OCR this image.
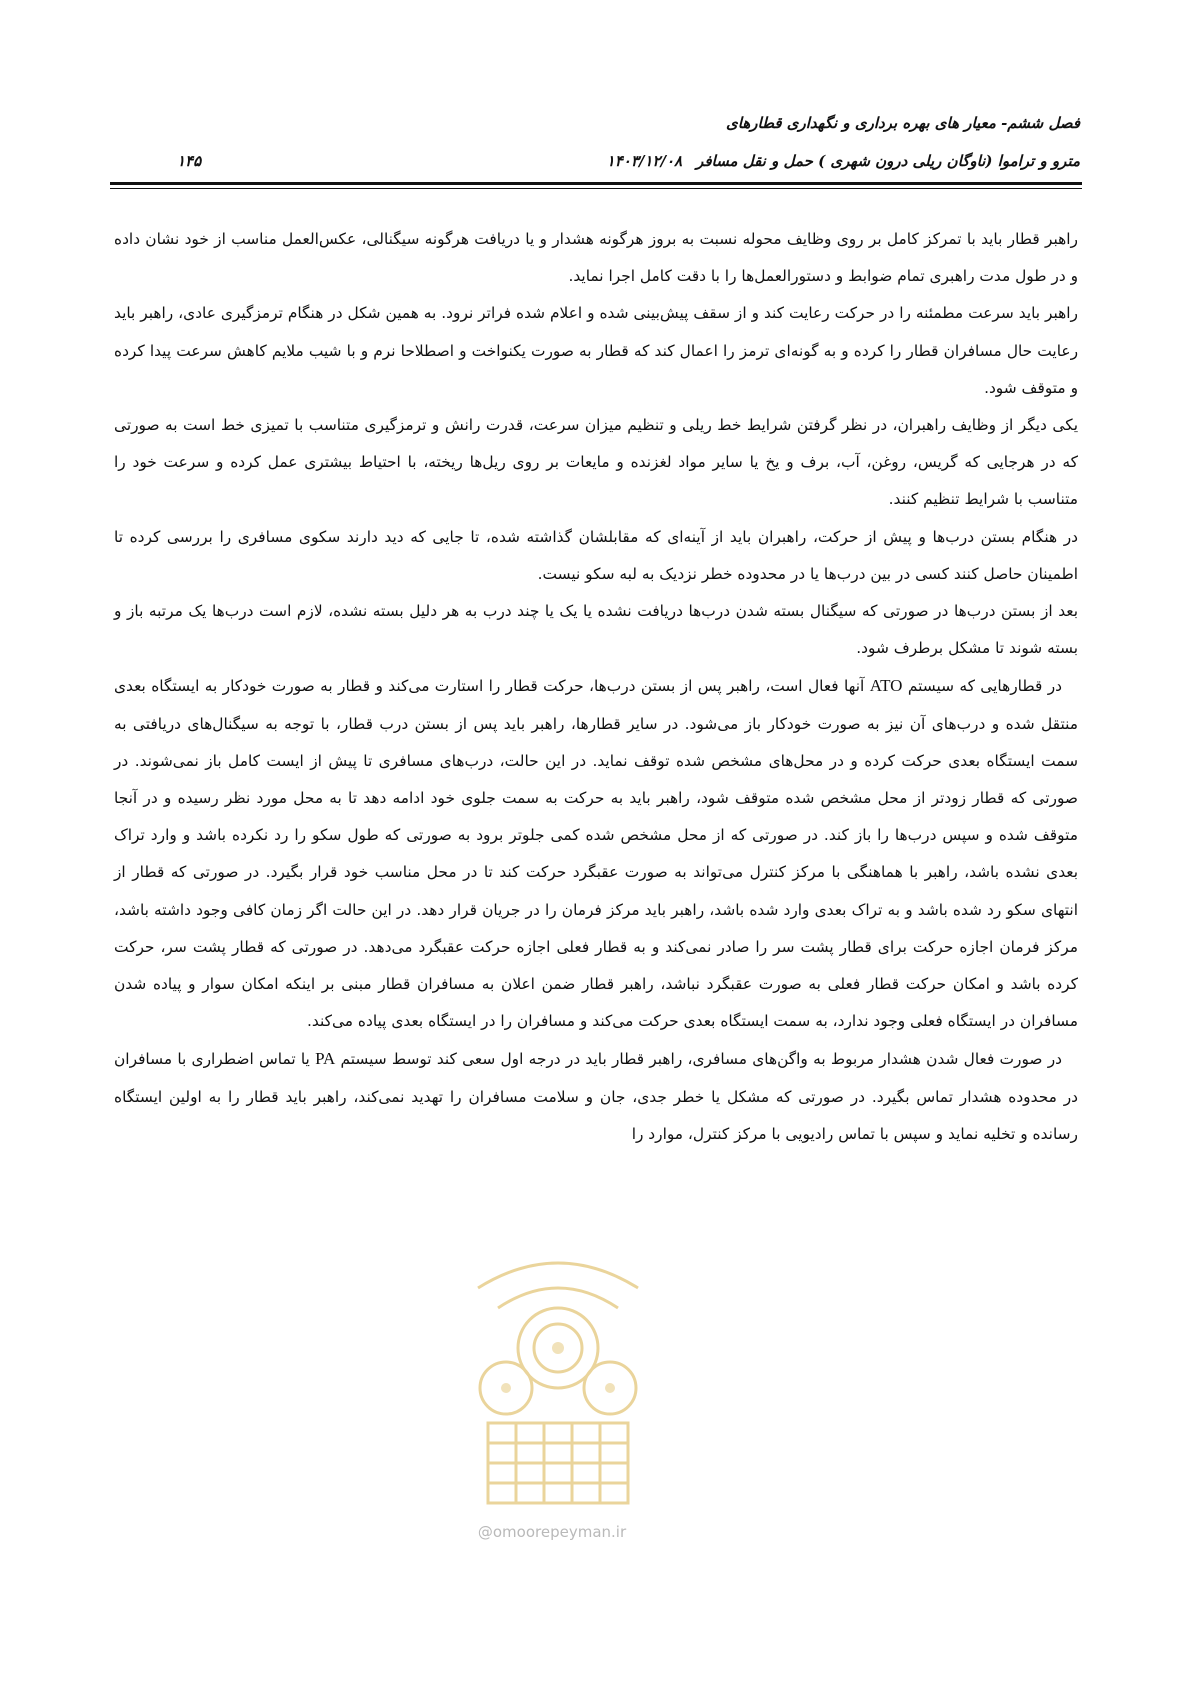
فصل ششم- معیار های بهره برداری و نگهداری قطارهای
مترو و تراموا (ناوگان ریلی درون شهری ) حمل و نقل مسافر۱۴۰۳/۱۲/۰۸
۱۴۵

راهبر قطار باید با تمرکز کامل بر روی وظایف محوله نسبت به بروز هرگونه هشدار و یا دریافت هرگونه سیگنالی، عکس‌العمل مناسب از خود نشان داده و در طول مدت راهبری تمام ضوابط و دستورالعمل‌ها را با دقت کامل اجرا نماید.

راهبر باید سرعت مطمئنه را در حرکت رعایت کند و از سقف پیش‌بینی شده و اعلام شده فراتر نرود. به همین شکل در هنگام ترمزگیری عادی، راهبر باید رعایت حال مسافران قطار را کرده و به گونه‌ای ترمز را اعمال کند که قطار به صورت یکنواخت و اصطلاحا نرم و با شیب ملایم کاهش سرعت پیدا کرده و متوقف شود.

یکی دیگر از وظایف راهبران، در نظر گرفتن شرایط خط ریلی و تنظیم میزان سرعت، قدرت رانش و ترمزگیری متناسب با تمیزی خط است به صورتی که در هرجایی که گریس، روغن، آب، برف و یخ یا سایر مواد لغزنده و مایعات بر روی ریل‌ها ریخته، با احتیاط بیشتری عمل کرده و سرعت خود را متناسب با شرایط تنظیم کنند.

در هنگام بستن درب‌ها و پیش از حرکت، راهبران باید از آینه‌ای که مقابلشان گذاشته شده، تا جایی که دید دارند سکوی مسافری را بررسی کرده تا اطمینان حاصل کنند کسی در بین درب‌ها یا در محدوده خطر نزدیک به لبه سکو نیست.

بعد از بستن درب‌ها در صورتی که سیگنال بسته شدن درب‌ها دریافت نشده یا یک یا چند درب به هر دلیل بسته نشده، لازم است درب‌ها یک مرتبه باز و بسته شوند تا مشکل برطرف شود.

در قطارهایی که سیستم ATO آنها فعال است، راهبر پس از بستن درب‌ها، حرکت قطار را استارت می‌کند و قطار به صورت خودکار به ایستگاه بعدی منتقل شده و درب‌های آن نیز به صورت خودکار باز می‌شود. در سایر قطارها، راهبر باید پس از بستن درب قطار، با توجه به سیگنال‌های دریافتی به سمت ایستگاه بعدی حرکت کرده و در محل‌های مشخص شده توقف نماید. در این حالت، درب‌های مسافری تا پیش از ایست کامل باز نمی‌شوند. در صورتی که قطار زودتر از محل مشخص شده متوقف شود، راهبر باید به حرکت به سمت جلوی خود ادامه دهد تا به محل مورد نظر رسیده و در آنجا متوقف شده و سپس درب‌ها را باز کند. در صورتی که از محل مشخص شده کمی جلوتر برود به صورتی که طول سکو را رد نکرده باشد و وارد تراک بعدی نشده باشد، راهبر با هماهنگی با مرکز کنترل می‌تواند به صورت عقبگرد حرکت کند تا در محل مناسب خود قرار بگیرد. در صورتی که قطار از انتهای سکو رد شده باشد و به تراک بعدی وارد شده باشد، راهبر باید مرکز فرمان را در جریان قرار دهد. در این حالت اگر زمان کافی وجود داشته باشد، مرکز فرمان اجازه حرکت برای قطار پشت سر را صادر نمی‌کند و به قطار فعلی اجازه حرکت عقبگرد می‌دهد. در صورتی که قطار پشت سر، حرکت کرده باشد و امکان حرکت قطار فعلی به صورت عقبگرد نباشد، راهبر قطار ضمن اعلان به مسافران قطار مبنی بر اینکه امکان سوار و پیاده شدن مسافران در ایستگاه فعلی وجود ندارد، به سمت ایستگاه بعدی حرکت می‌کند و مسافران را در ایستگاه بعدی پیاده می‌کند.

در صورت فعال شدن هشدار مربوط به واگن‌های مسافری، راهبر قطار باید در درجه اول سعی کند توسط سیستم PA یا تماس اضطراری با مسافران در محدوده هشدار تماس بگیرد. در صورتی که مشکل یا خطر جدی، جان و سلامت مسافران را تهدید نمی‌کند، راهبر باید قطار را به اولین ایستگاه رسانده و تخلیه نماید و سپس با تماس رادیویی با مرکز کنترل، موارد را

@omoorepeyman.ir
